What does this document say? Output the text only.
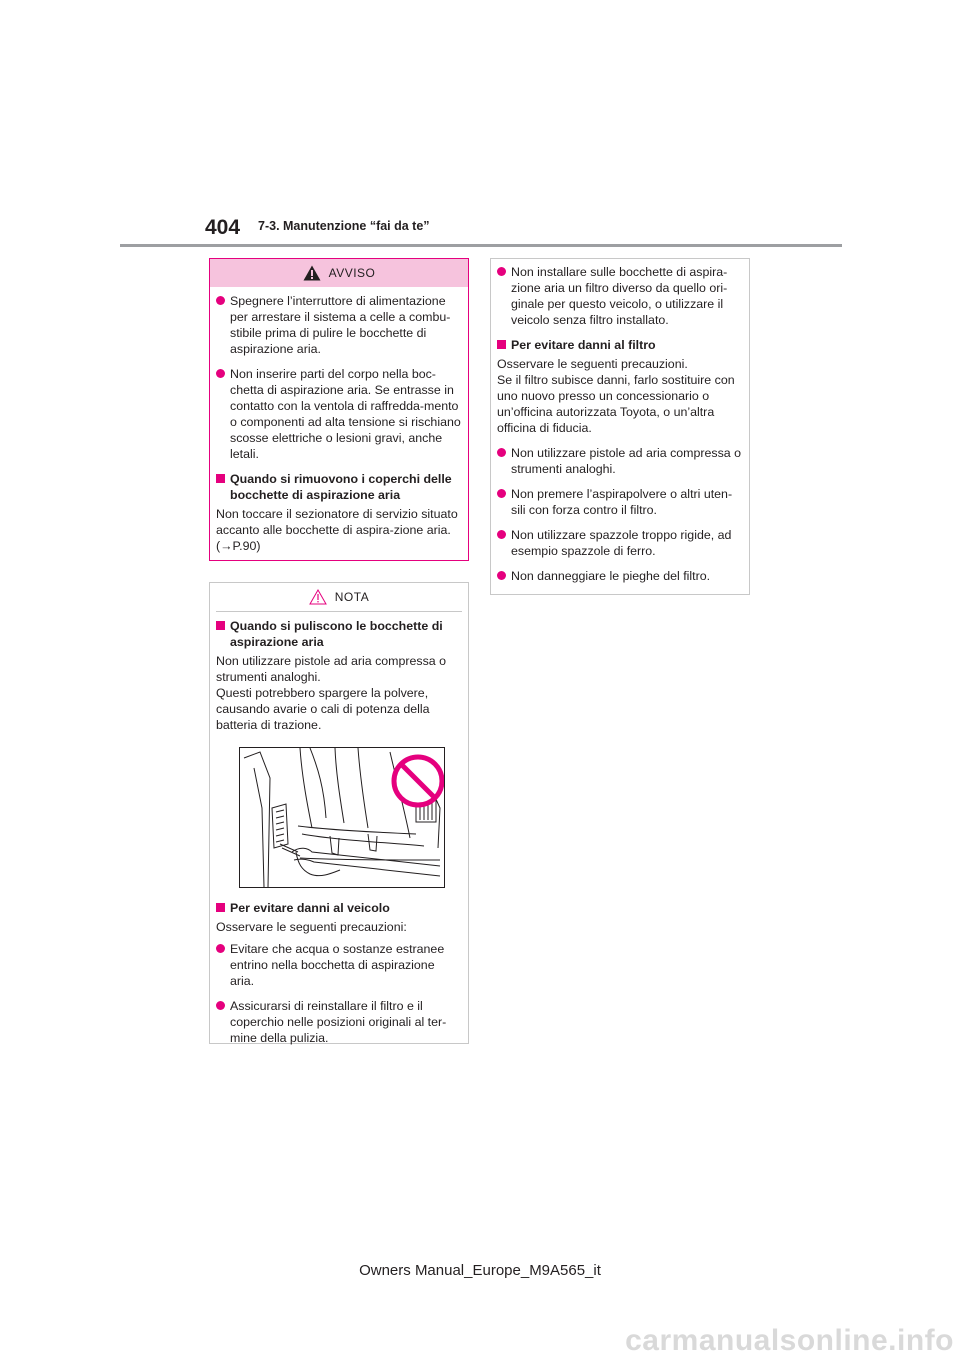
404 7-3. Manutenzione “fai da te”
AVVISO
Spegnere l’interruttore di alimentazione per arrestare il sistema a celle a combu-stibile prima di pulire le bocchette di aspirazione aria.
Non inserire parti del corpo nella boc-chetta di aspirazione aria. Se entrasse in contatto con la ventola di raffredda-mento o componenti ad alta tensione si rischiano scosse elettriche o lesioni gravi, anche letali.
Quando si rimuovono i coperchi delle bocchette di aspirazione aria
Non toccare il sezionatore di servizio situato accanto alle bocchette di aspira-zione aria. (→P.90)
NOTA
Quando si puliscono le bocchette di aspirazione aria
Non utilizzare pistole ad aria compressa o strumenti analoghi.
Questi potrebbero spargere la polvere, causando avarie o cali di potenza della batteria di trazione.
Per evitare danni al veicolo
Osservare le seguenti precauzioni:
Evitare che acqua o sostanze estranee entrino nella bocchetta di aspirazione aria.
Assicurarsi di reinstallare il filtro e il coperchio nelle posizioni originali al ter-mine della pulizia.
Non installare sulle bocchette di aspira-zione aria un filtro diverso da quello ori-ginale per questo veicolo, o utilizzare il veicolo senza filtro installato.
Per evitare danni al filtro
Osservare le seguenti precauzioni.
Se il filtro subisce danni, farlo sostituire con uno nuovo presso un concessionario o un’officina autorizzata Toyota, o un’altra officina di fiducia.
Non utilizzare pistole ad aria compressa o strumenti analoghi.
Non premere l’aspirapolvere o altri uten-sili con forza contro il filtro.
Non utilizzare spazzole troppo rigide, ad esempio spazzole di ferro.
Non danneggiare le pieghe del filtro.
Owners Manual_Europe_M9A565_it
carmanualsonline.info
